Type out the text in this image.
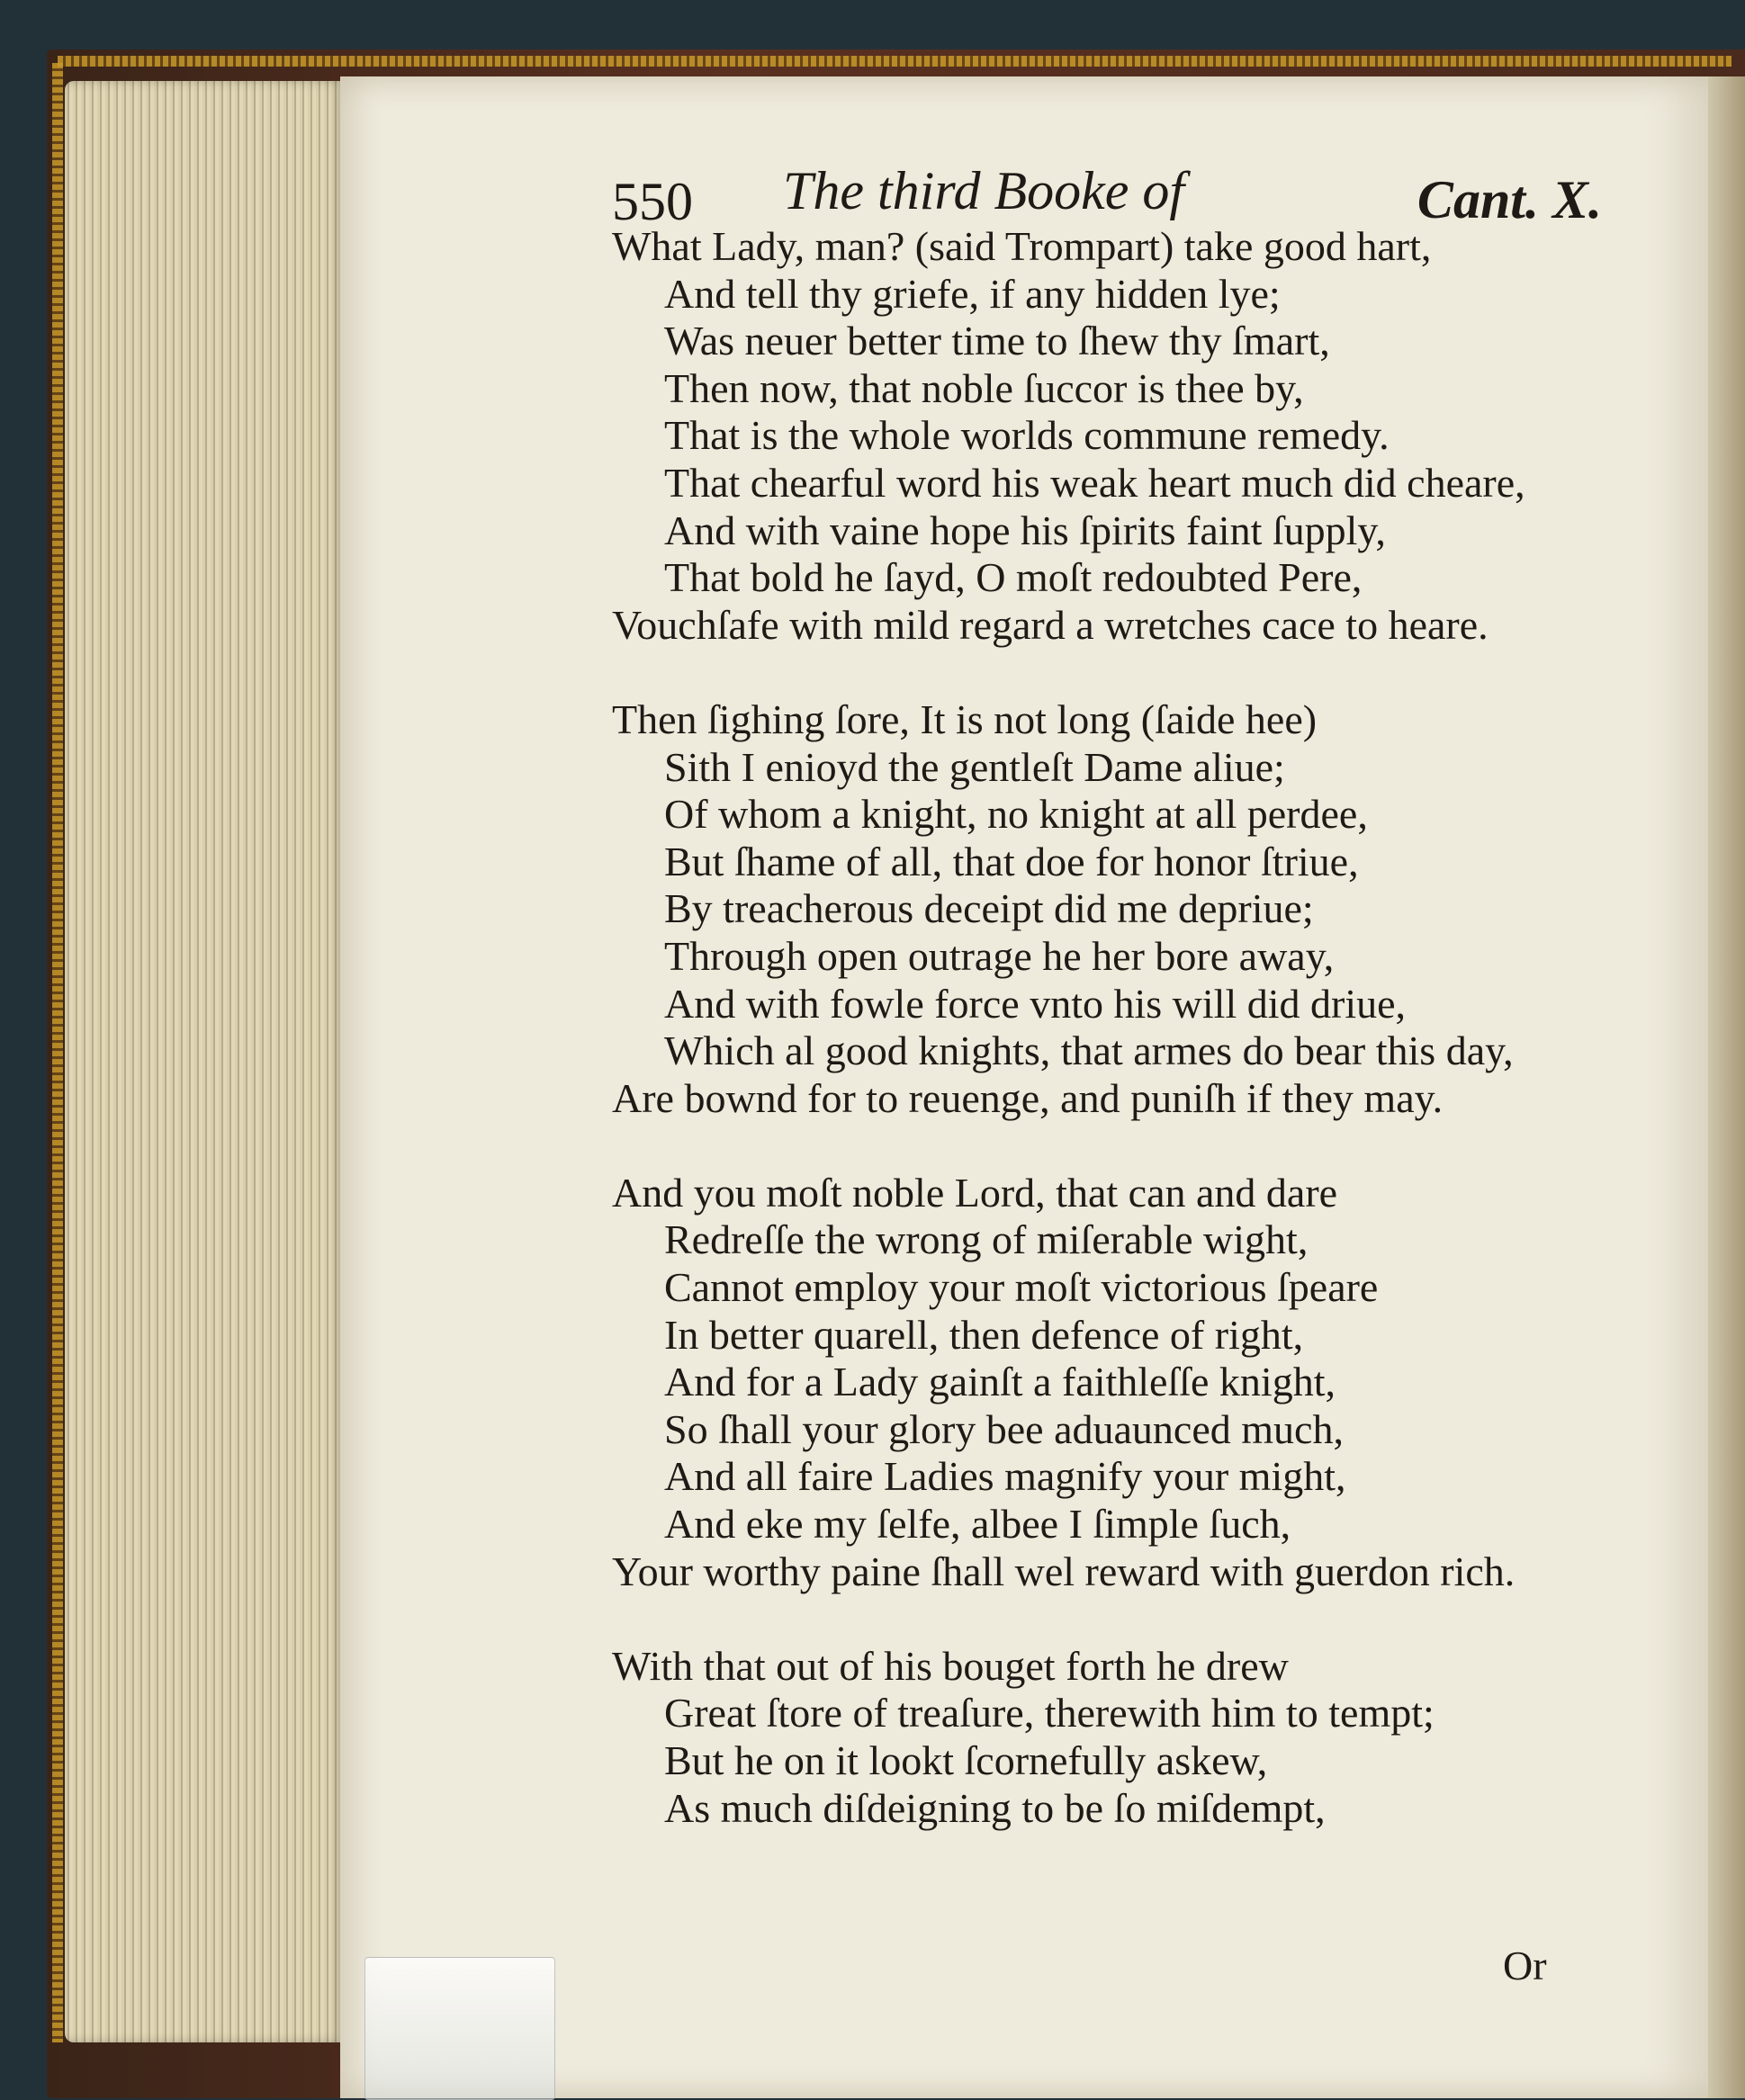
550 The third Booke of	Cant. X.
What Lady, man? (said Trompart) take good hart,
And tell thy griefe, if any hidden lye;
Was neuer better time to ſhew thy ſmart,
Then now, that noble ſuccor is thee by,
That is the whole worlds commune remedy.
That chearful word his weak heart much did cheare,
And with vaine hope his ſpirits faint ſupply,
That bold he ſayd, O moſt redoubted Pere,
Vouchſafe with mild regard a wretches cace to heare.
Then ſighing ſore, It is not long (ſaide hee)
Sith I enioyd the gentleſt Dame aliue;
Of whom a knight, no knight at all perdee,
But ſhame of all, that doe for honor ſtriue,
By treacherous deceipt did me depriue;
Through open outrage he her bore away,
And with fowle force vnto his will did driue,
Which al good knights, that armes do bear this day,
Are bownd for to reuenge, and puniſh if they may.
And you moſt noble Lord, that can and dare
Redreſſe the wrong of miſerable wight,
Cannot employ your moſt victorious ſpeare
In better quarell, then defence of right,
And for a Lady gainſt a faithleſſe knight,
So ſhall your glory bee aduaunced much,
And all faire Ladies magnify your might,
And eke my ſelfe, albee I ſimple ſuch,
Your worthy paine ſhall wel reward with guerdon rich.
With that out of his bouget forth he drew
Great ſtore of treaſure, therewith him to tempt;
But he on it lookt ſcornefully askew,
As much diſdeigning to be ſo miſdempt,
Or
